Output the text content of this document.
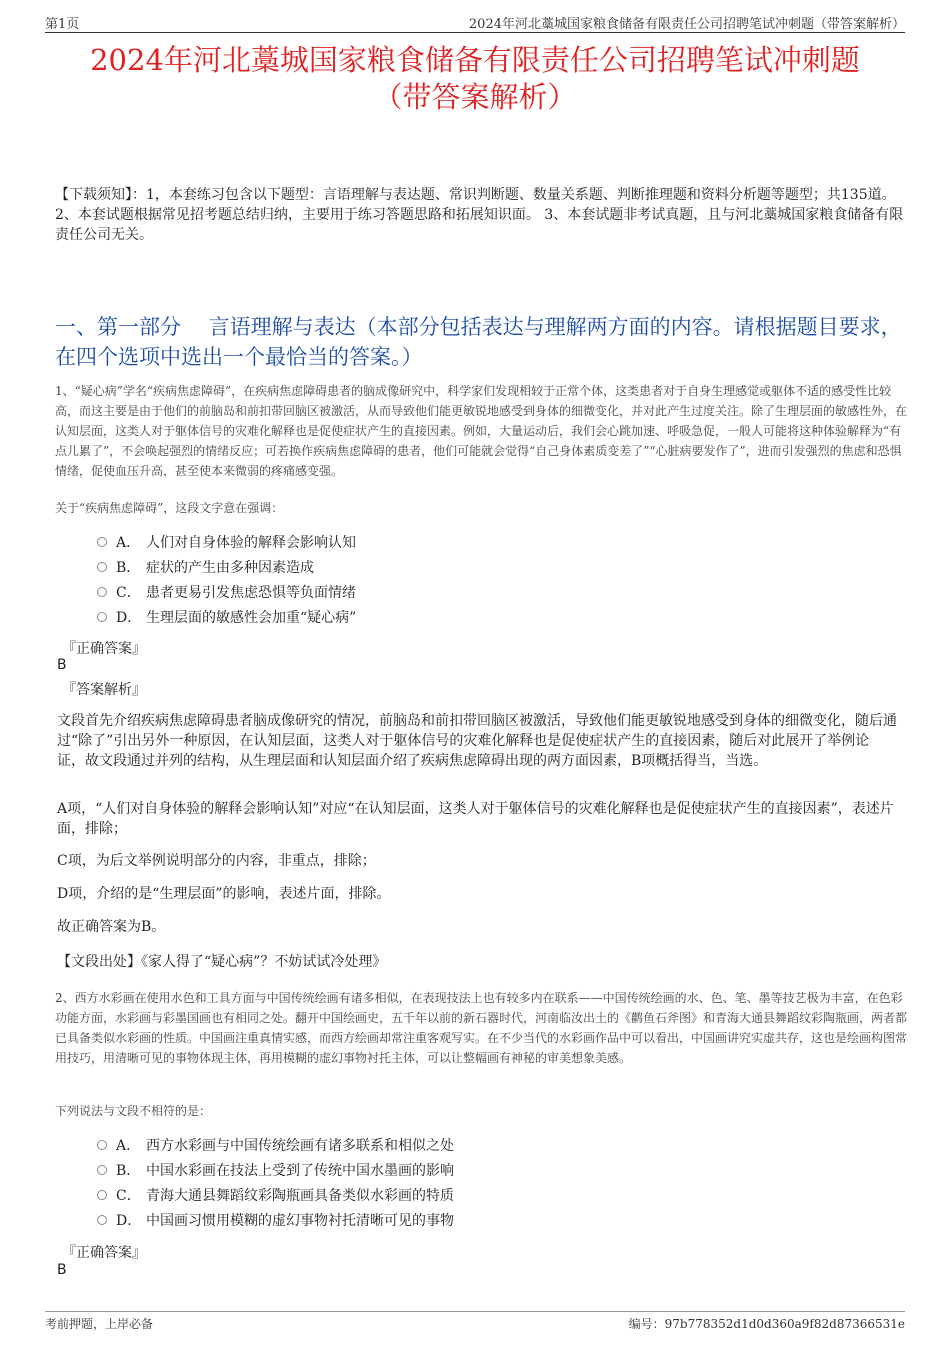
第1页	2024年河北藁城国家粮食储备有限责任公司招聘笔试冲刺题（带答案解析）
2024年河北藁城国家粮食储备有限责任公司招聘笔试冲刺题
（带答案解析）
【下载须知】：1，本套练习包含以下题型：言语理解与表达题、常识判断题、数量关系题、判断推理题和资料分析题等题型；共135道。 2、本套试题根据常见招考题总结归纳，主要用于练习答题思路和拓展知识面。 3、本套试题非考试真题，且与河北藁城国家粮食储备有限责任公司无关。
一、第一部分　 言语理解与表达（本部分包括表达与理解两方面的内容。请根据题目要求，在四个选项中选出一个最恰当的答案。）
1、“疑心病”学名“疾病焦虑障碍”，在疾病焦虑障碍患者的脑成像研究中，科学家们发现相较于正常个体，这类患者对于自身生理感觉或躯体不适的感受性比较高，而这主要是由于他们的前脑岛和前扣带回脑区被激活，从而导致他们能更敏锐地感受到身体的细微变化，并对此产生过度关注。除了生理层面的敏感性外，在认知层面，这类人对于躯体信号的灾难化解释也是促使症状产生的直接因素。例如，大量运动后，我们会心跳加速、呼吸急促，一般人可能将这种体验解释为“有点儿累了”，不会唤起强烈的情绪反应；可若换作疾病焦虑障碍的患者，他们可能就会觉得“自己身体素质变差了”“心脏病要发作了”，进而引发强烈的焦虑和恐惧情绪，促使血压升高，甚至使本来微弱的疼痛感变强。
关于“疾病焦虑障碍”，这段文字意在强调：
A． 人们对自身体验的解释会影响认知
B． 症状的产生由多种因素造成
C． 患者更易引发焦虑恐惧等负面情绪
D． 生理层面的敏感性会加重“疑心病”
『正确答案』
B
『答案解析』
文段首先介绍疾病焦虑障碍患者脑成像研究的情况，前脑岛和前扣带回脑区被激活，导致他们能更敏锐地感受到身体的细微变化，随后通过“除了”引出另外一种原因，在认知层面，这类人对于躯体信号的灾难化解释也是促使症状产生的直接因素，随后对此展开了举例论证，故文段通过并列的结构，从生理层面和认知层面介绍了疾病焦虑障碍出现的两方面因素，B项概括得当，当选。
A项，“人们对自身体验的解释会影响认知”对应“在认知层面，这类人对于躯体信号的灾难化解释也是促使症状产生的直接因素”，表述片面，排除；
C项，为后文举例说明部分的内容，非重点，排除；
D项，介绍的是“生理层面”的影响，表述片面，排除。
故正确答案为B。
【文段出处】《家人得了“疑心病”？不妨试试冷处理》
2、西方水彩画在使用水色和工具方面与中国传统绘画有诸多相似，在表现技法上也有较多内在联系——中国传统绘画的水、色、笔、墨等技艺极为丰富，在色彩功能方面，水彩画与彩墨国画也有相同之处。翻开中国绘画史，五千年以前的新石器时代，河南临汝出土的《鹳鱼石斧图》和青海大通县舞蹈纹彩陶瓶画，两者都已具备类似水彩画的性质。中国画注重真情实感，而西方绘画却常注重客观写实。在不少当代的水彩画作品中可以看出，中国画讲究实虚共存，这也是绘画构图常用技巧，用清晰可见的事物体现主体，再用模糊的虚幻事物衬托主体，可以让整幅画有神秘的审美想象美感。
下列说法与文段不相符的是：
A． 西方水彩画与中国传统绘画有诸多联系和相似之处
B． 中国水彩画在技法上受到了传统中国水墨画的影响
C． 青海大通县舞蹈纹彩陶瓶画具备类似水彩画的特质
D． 中国画习惯用模糊的虚幻事物衬托清晰可见的事物
『正确答案』
B
考前押题，上岸必备	编号：97b778352d1d0d360a9f82d87366531e
